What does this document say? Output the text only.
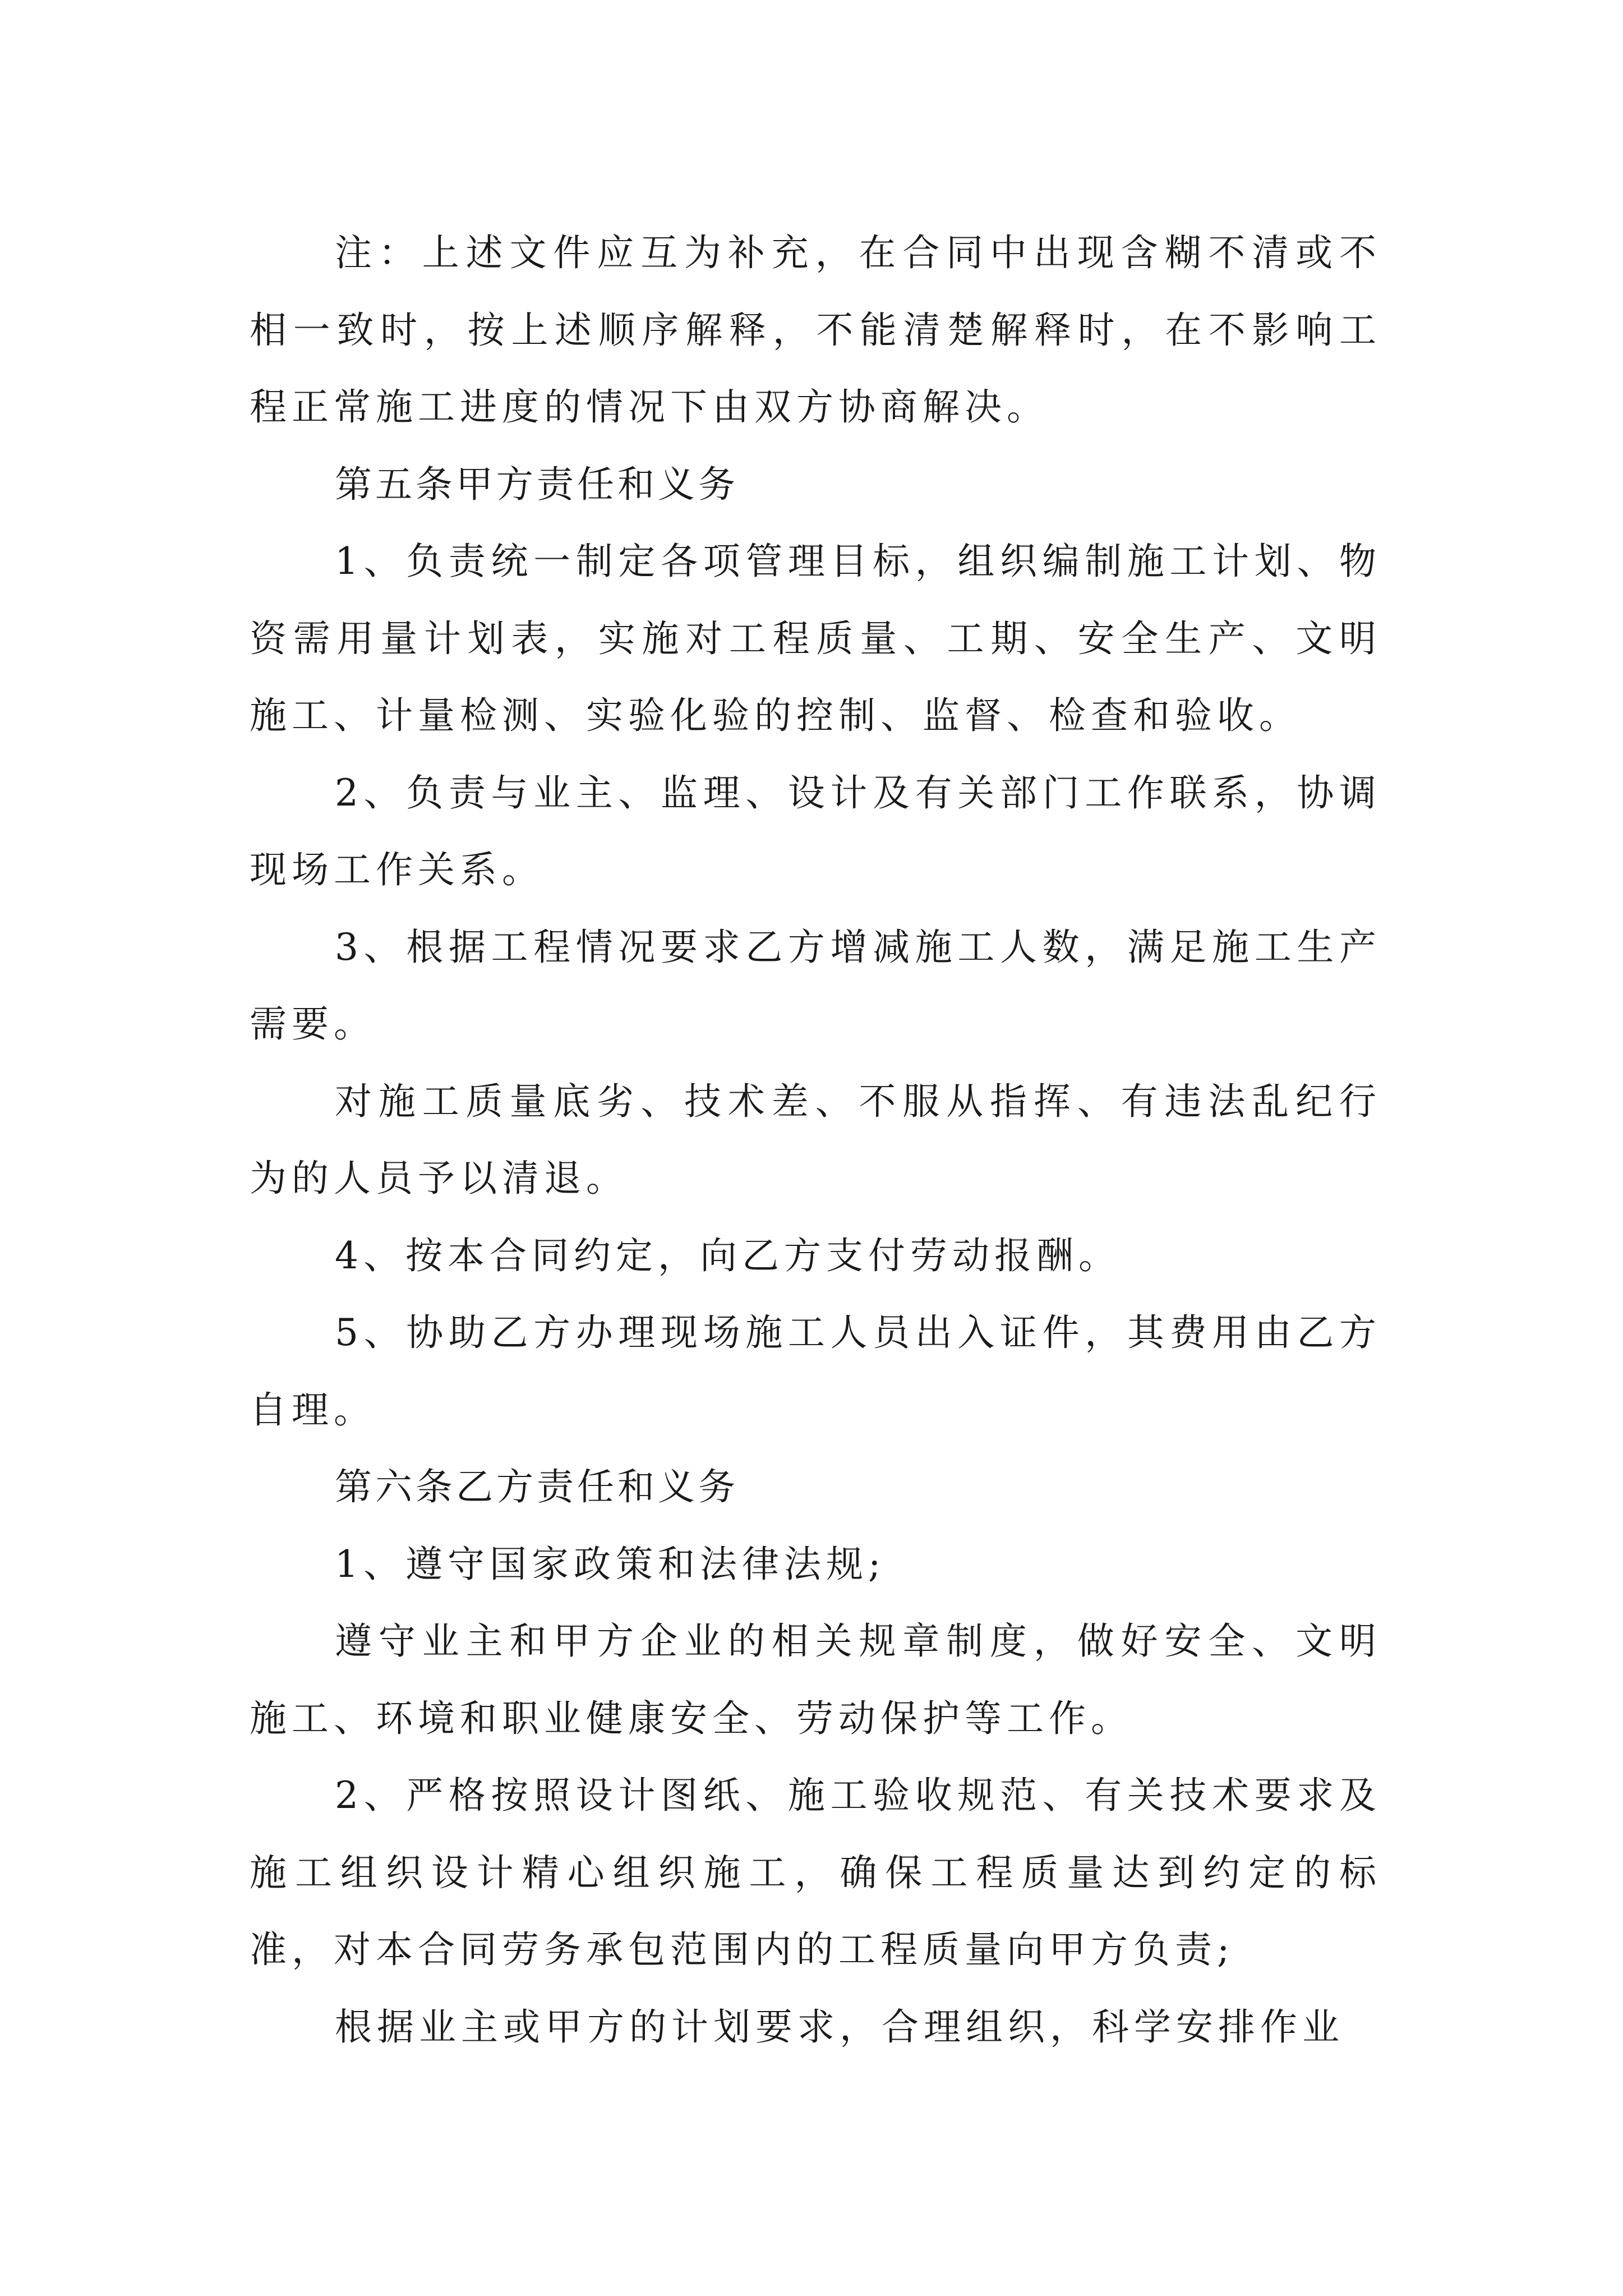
注：上述文件应互为补充，在合同中出现含糊不清或不相一致时，按上述顺序解释，不能清楚解释时，在不影响工程正常施工进度的情况下由双方协商解决。

第五条甲方责任和义务

1、负责统一制定各项管理目标，组织编制施工计划、物资需用量计划表，实施对工程质量、工期、安全生产、文明施工、计量检测、实验化验的控制、监督、检查和验收。

2、负责与业主、监理、设计及有关部门工作联系，协调现场工作关系。

3、根据工程情况要求乙方增减施工人数，满足施工生产需要。

对施工质量底劣、技术差、不服从指挥、有违法乱纪行为的人员予以清退。

4、按本合同约定，向乙方支付劳动报酬。

5、协助乙方办理现场施工人员出入证件，其费用由乙方自理。

第六条乙方责任和义务

1、遵守国家政策和法律法规;

遵守业主和甲方企业的相关规章制度，做好安全、文明施工、环境和职业健康安全、劳动保护等工作。

2、严格按照设计图纸、施工验收规范、有关技术要求及施工组织设计精心组织施工，确保工程质量达到约定的标准，对本合同劳务承包范围内的工程质量向甲方负责;

根据业主或甲方的计划要求，合理组织，科学安排作业
